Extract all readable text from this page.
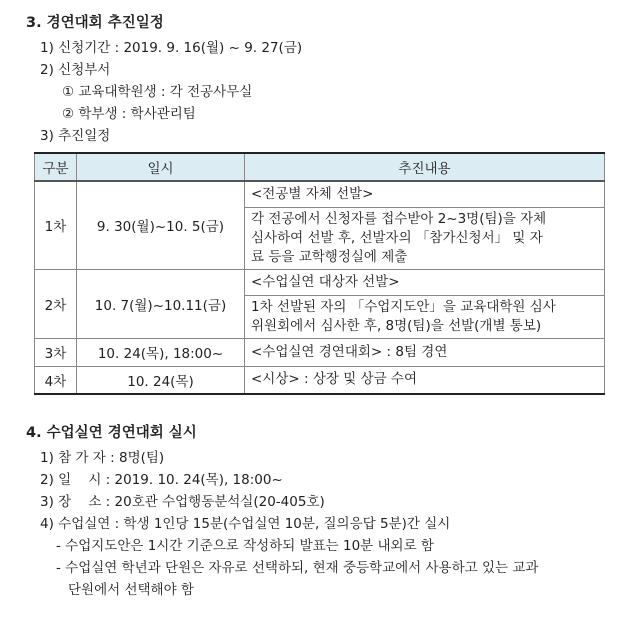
3. 경연대회 추진일정
1) 신청기간 : 2019. 9. 16(월) ~ 9. 27(금)
2) 신청부서
① 교육대학원생 : 각 전공사무실
② 학부생 : 학사관리팀
3) 추진일정
구분	일시	추진내용
1차	9. 30(월)~10. 5(금)	<전공별 자체 선발>

		각 전공에서 신청자를 접수받아 2~3명(팀)을 자체
심사하여 선발 후, 선발자의 「참가신청서」 및 자
료 등을 교학행정실에 제출

2차	10. 7(월)~10.11(금)	<수업실연 대상자 선발>

		1차 선발된 자의 「수업지도안」을 교육대학원 심사
위원회에서 심사한 후, 8명(팀)을 선발(개별 통보)

3차	10. 24(목), 18:00~	<수업실연 경연대회> : 8팀 경연
4차	10. 24(목)	<시상> : 상장 및 상금 수여
4. 수업실연 경연대회 실시
1) 참 가 자 : 8명(팀)
2) 일    시 : 2019. 10. 24(목), 18:00~
3) 장    소 : 20호관 수업행동분석실(20-405호)
4) 수업실연 : 학생 1인당 15분(수업실연 10분, 질의응답 5분)간 실시
- 수업지도안은 1시간 기준으로 작성하되 발표는 10분 내외로 함
- 수업실연 학년과 단원은 자유로 선택하되, 현재 중등학교에서 사용하고 있는 교과
단원에서 선택해야 함
